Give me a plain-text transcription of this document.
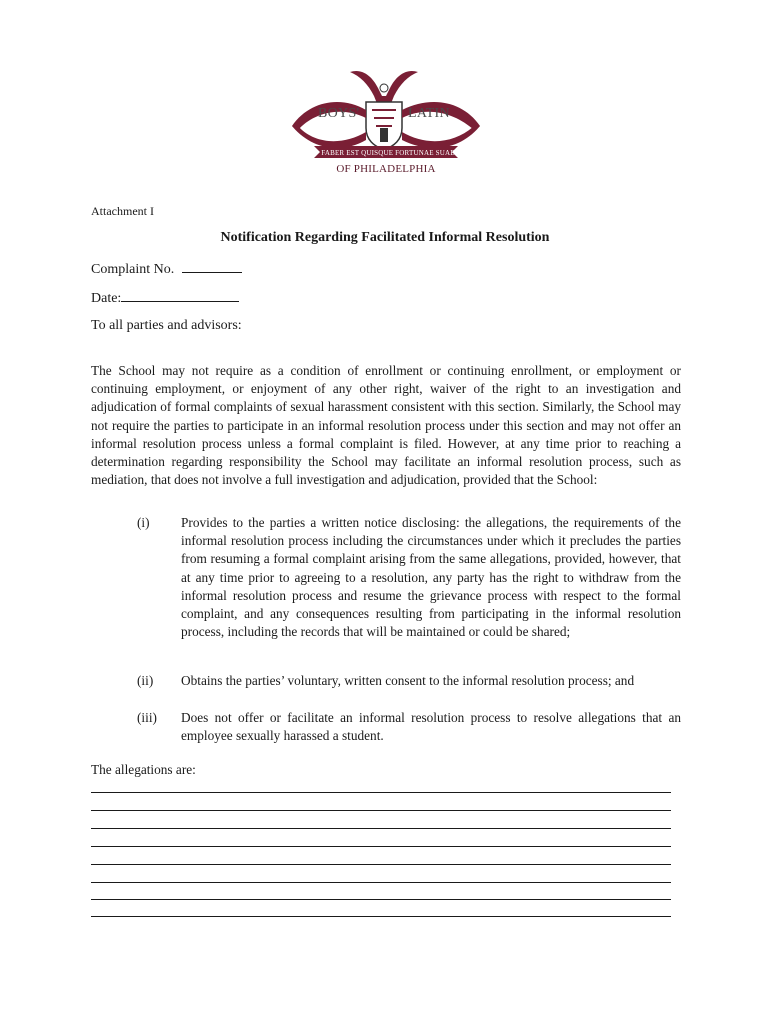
BOYS'	LATIN
FABER EST QUISQUE FORTUNAE SUAE
OF PHILADELPHIA
Attachment I
Notification Regarding Facilitated Informal Resolution
Complaint No.
Date:
To all parties and advisors:
The School may not require as a condition of enrollment or continuing enrollment, or employment or continuing employment, or enjoyment of any other right, waiver of the right to an investigation and adjudication of formal complaints of sexual harassment consistent with this section. Similarly, the School may not require the parties to participate in an informal resolution process under this section and may not offer an informal resolution process unless a formal complaint is filed. However, at any time prior to reaching a determination regarding responsibility the School may facilitate an informal resolution process, such as mediation, that does not involve a full investigation and adjudication, provided that the School:
(i) Provides to the parties a written notice disclosing: the allegations, the requirements of the informal resolution process including the circumstances under which it precludes the parties from resuming a formal complaint arising from the same allegations, provided, however, that at any time prior to agreeing to a resolution, any party has the right to withdraw from the informal resolution process and resume the grievance process with respect to the formal complaint, and any consequences resulting from participating in the informal resolution process, including the records that will be maintained or could be shared;
(ii) Obtains the parties’ voluntary, written consent to the informal resolution process; and
(iii) Does not offer or facilitate an informal resolution process to resolve allegations that an employee sexually harassed a student.
The allegations are:
